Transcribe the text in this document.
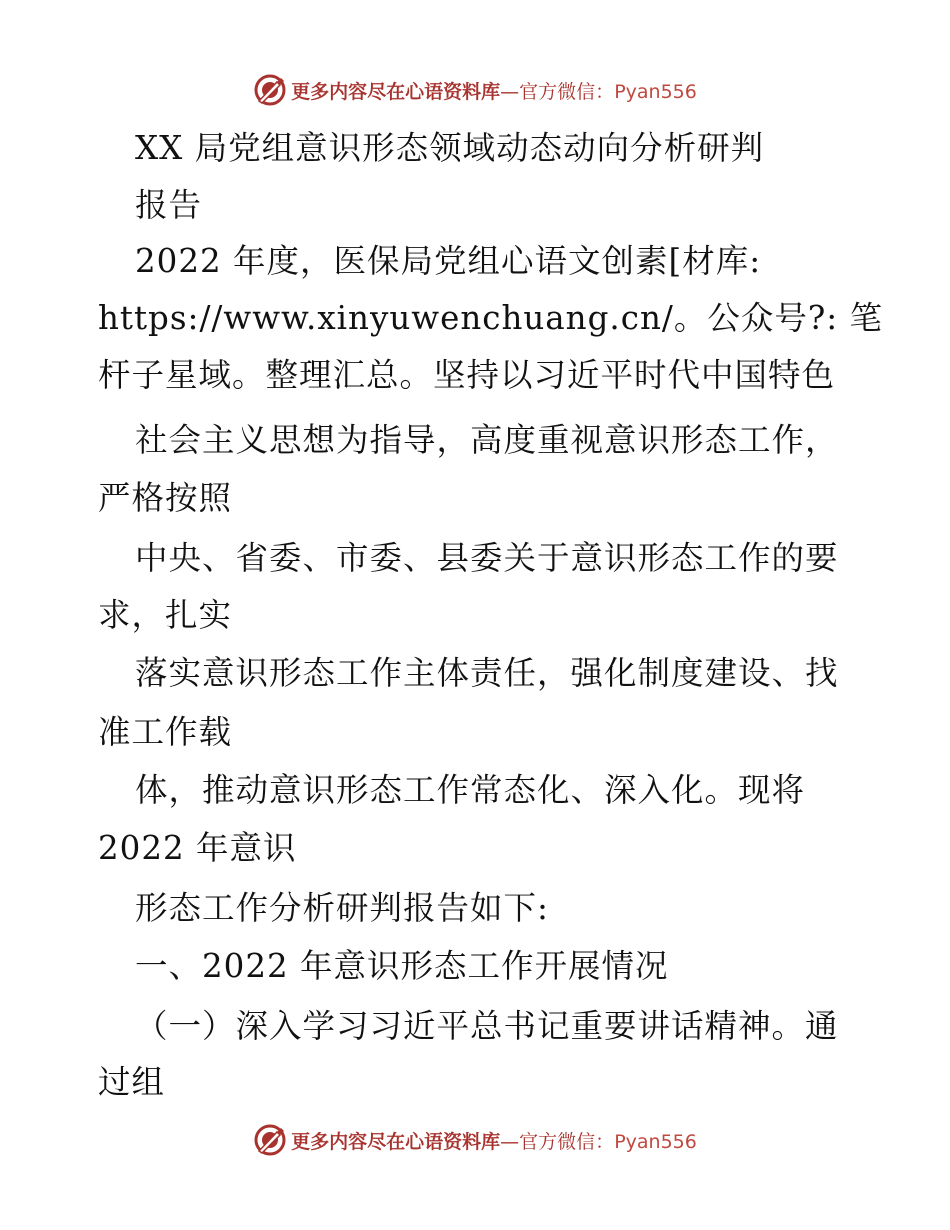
更多内容尽在心语资料库—官方微信：Pyan556
XX 局党组意识形态领域动态动向分析研判
报告
2022 年度，医保局党组心语文创素[材库:
https://www.xinyuwenchuang.cn/。公众号?: 笔
杆子星域。整理汇总。坚持以习近平时代中国特色
社会主义思想为指导，高度重视意识形态工作，
严格按照
中央、省委、市委、县委关于意识形态工作的要
求，扎实
落实意识形态工作主体责任，强化制度建设、找
准工作载
体，推动意识形态工作常态化、深入化。现将
2022 年意识
形态工作分析研判报告如下:
一、2022 年意识形态工作开展情况
（一）深入学习习近平总书记重要讲话精神。通
过组
更多内容尽在心语资料库—官方微信：Pyan556
